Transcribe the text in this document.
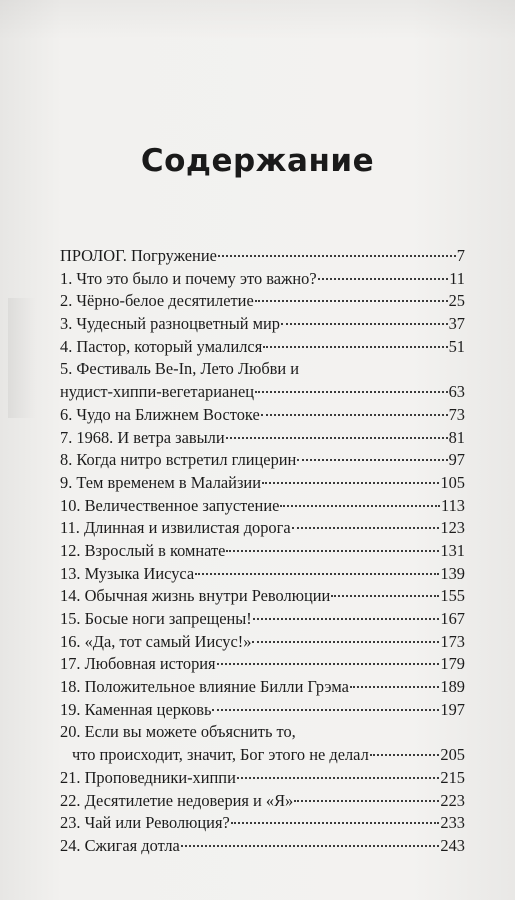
Содержание
ПРОЛОГ. Погружение	7
1. Что это было и почему это важно?	11
2. Чёрно-белое десятилетие	25
3. Чудесный разноцветный мир	37
4. Пастор, который умалился	51
5. Фестиваль Be-In, Лето Любви и
нудист-хиппи-вегетарианец	63
6. Чудо на Ближнем Востоке	73
7. 1968. И ветра завыли	81
8. Когда нитро встретил глицерин	97
9. Тем временем в Малайзии	105
10. Величественное запустение	113
11. Длинная и извилистая дорога	123
12. Взрослый в комнате	131
13. Музыка Иисуса	139
14. Обычная жизнь внутри Революции	155
15. Босые ноги запрещены!	167
16. «Да, тот самый Иисус!»	173
17. Любовная история	179
18. Положительное влияние Билли Грэма	189
19. Каменная церковь	197
20. Если вы можете объяснить то,
что происходит, значит, Бог этого не делал	205
21. Проповедники-хиппи	215
22. Десятилетие недоверия и «Я»	223
23. Чай или Революция?	233
24. Сжигая дотла	243
